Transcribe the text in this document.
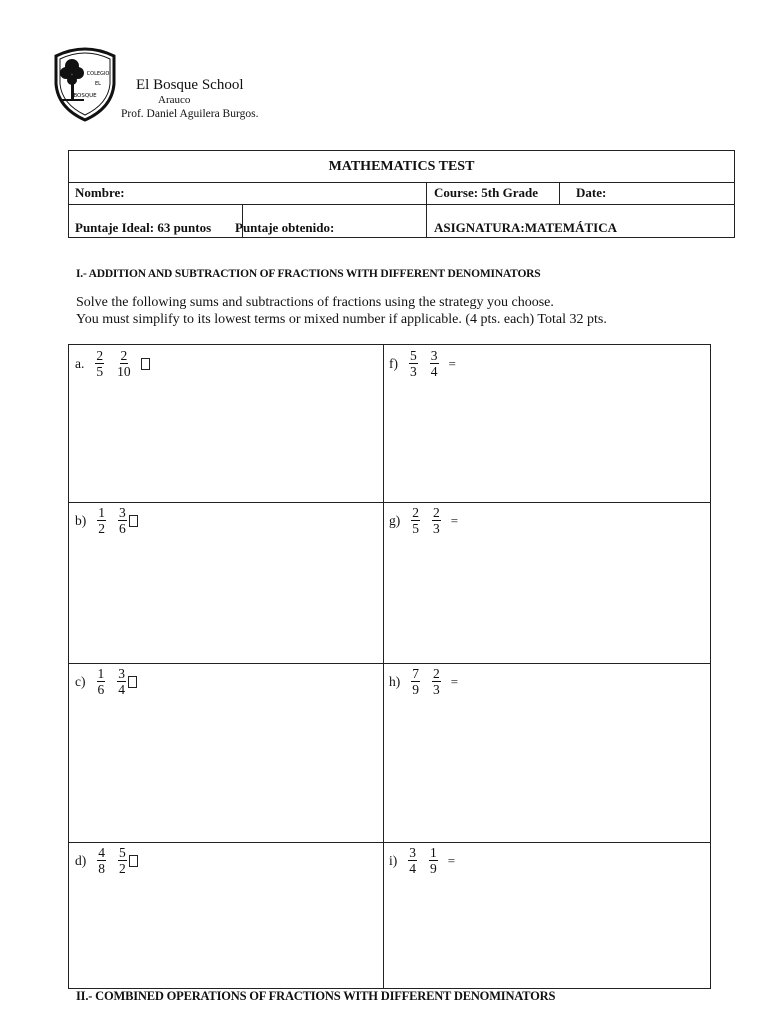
COLEGIO
EL
BOSQUE
El Bosque School
Arauco
Prof. Daniel Aguilera Burgos.
MATHEMATICS TEST
Nombre:	Course: 5th Grade	Date:
Puntaje Ideal: 63 puntos Puntaje obtenido:	ASIGNATURA:MATEMÁTICA
I.- ADDITION AND SUBTRACTION OF FRACTIONS WITH DIFFERENT DENOMINATORS
Solve the following sums and subtractions of fractions using the strategy you choose.
You must simplify to its lowest terms or mixed number if applicable. (4 pts. each) Total 32 pts.
a. $\frac{2}{5} \frac{2}{10}$	$f) \frac{5}{3} \frac{3}{4}$ =
$b) \frac{1}{2} \frac{3}{6}$	$g) \frac{2}{5} \frac{2}{3}$ =
$c) \frac{1}{6} \frac{3}{4}$	$h) \frac{7}{9} \frac{2}{3}$ =
$d) \frac{4}{8} \frac{5}{2}$	$i) \frac{3}{4} \frac{1}{9}$ =
II.- COMBINED OPERATIONS OF FRACTIONS WITH DIFFERENT DENOMINATORS
